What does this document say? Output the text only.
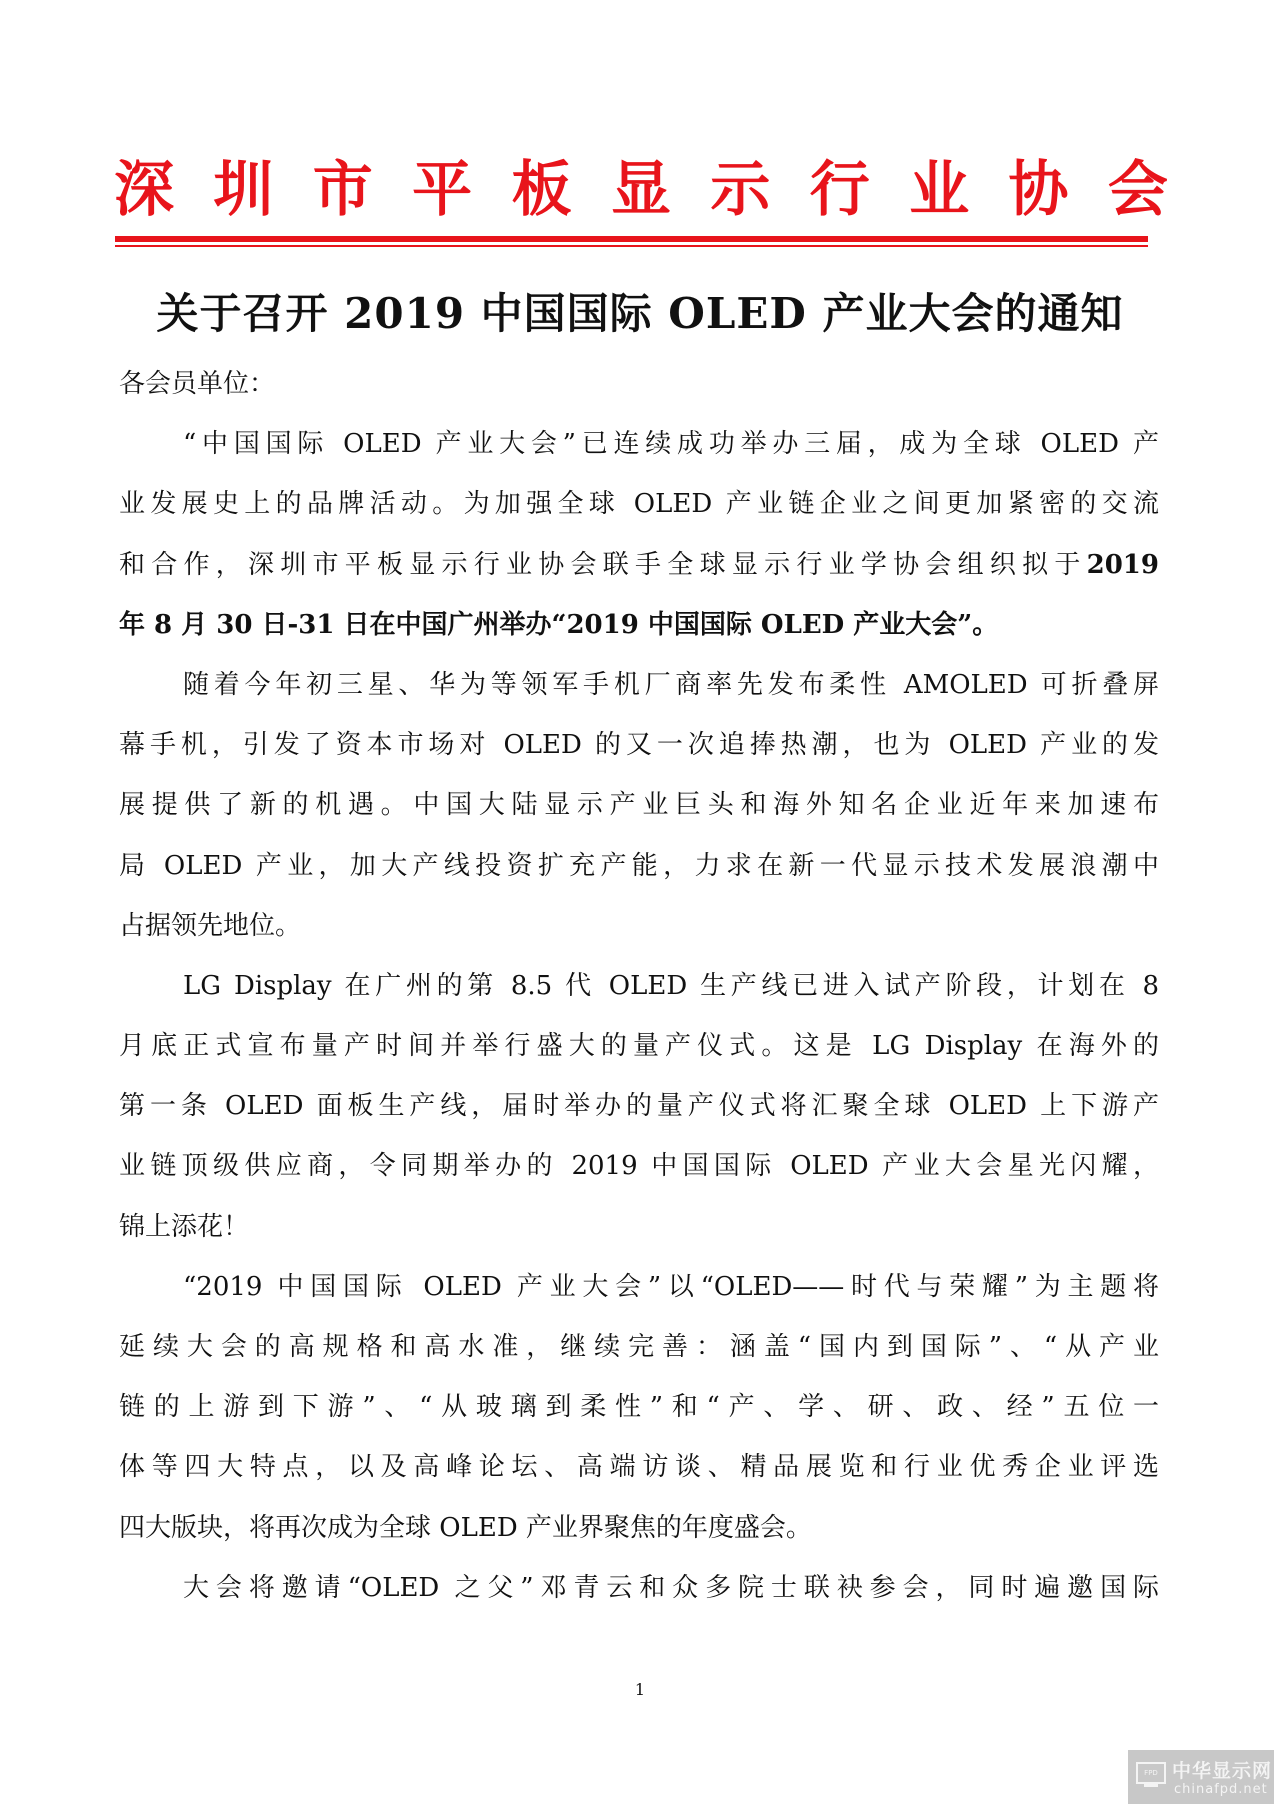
深 圳 市 平 板 显 示 行 业 协 会
关于召开 2019 中国国际 OLED 产业大会的通知
各会员单位：
“中国国际 OLED 产业大会”已连续成功举办三届，成为全球 OLED 产
业发展史上的品牌活动。为加强全球 OLED 产业链企业之间更加紧密的交流
和合作，深圳市平板显示行业协会联手全球显示行业学协会组织拟于2019
年 8 月 30 日-31 日在中国广州举办“2019 中国国际 OLED 产业大会”。
随着今年初三星、华为等领军手机厂商率先发布柔性 AMOLED 可折叠屏
幕手机，引发了资本市场对 OLED 的又一次追捧热潮，也为 OLED 产业的发
展提供了新的机遇。中国大陆显示产业巨头和海外知名企业近年来加速布
局 OLED 产业，加大产线投资扩充产能，力求在新一代显示技术发展浪潮中
占据领先地位。
LG Display 在广州的第 8.5 代 OLED 生产线已进入试产阶段，计划在 8
月底正式宣布量产时间并举行盛大的量产仪式。这是 LG Display 在海外的
第一条 OLED 面板生产线，届时举办的量产仪式将汇聚全球 OLED 上下游产
业链顶级供应商，令同期举办的 2019 中国国际 OLED 产业大会星光闪耀，
锦上添花！
“2019 中国国际 OLED 产业大会”以“OLED——时代与荣耀”为主题将
延续大会的高规格和高水准，继续完善：涵盖“国内到国际”、“从产业
链的上游到下游”、“从玻璃到柔性”和“产、学、研、政、经”五位一
体等四大特点，以及高峰论坛、高端访谈、精品展览和行业优秀企业评选
四大版块，将再次成为全球 OLED 产业界聚焦的年度盛会。
大会将邀请“OLED 之父”邓青云和众多院士联袂参会，同时遍邀国际
1
FPD 中华显示网
chinafpd.net
